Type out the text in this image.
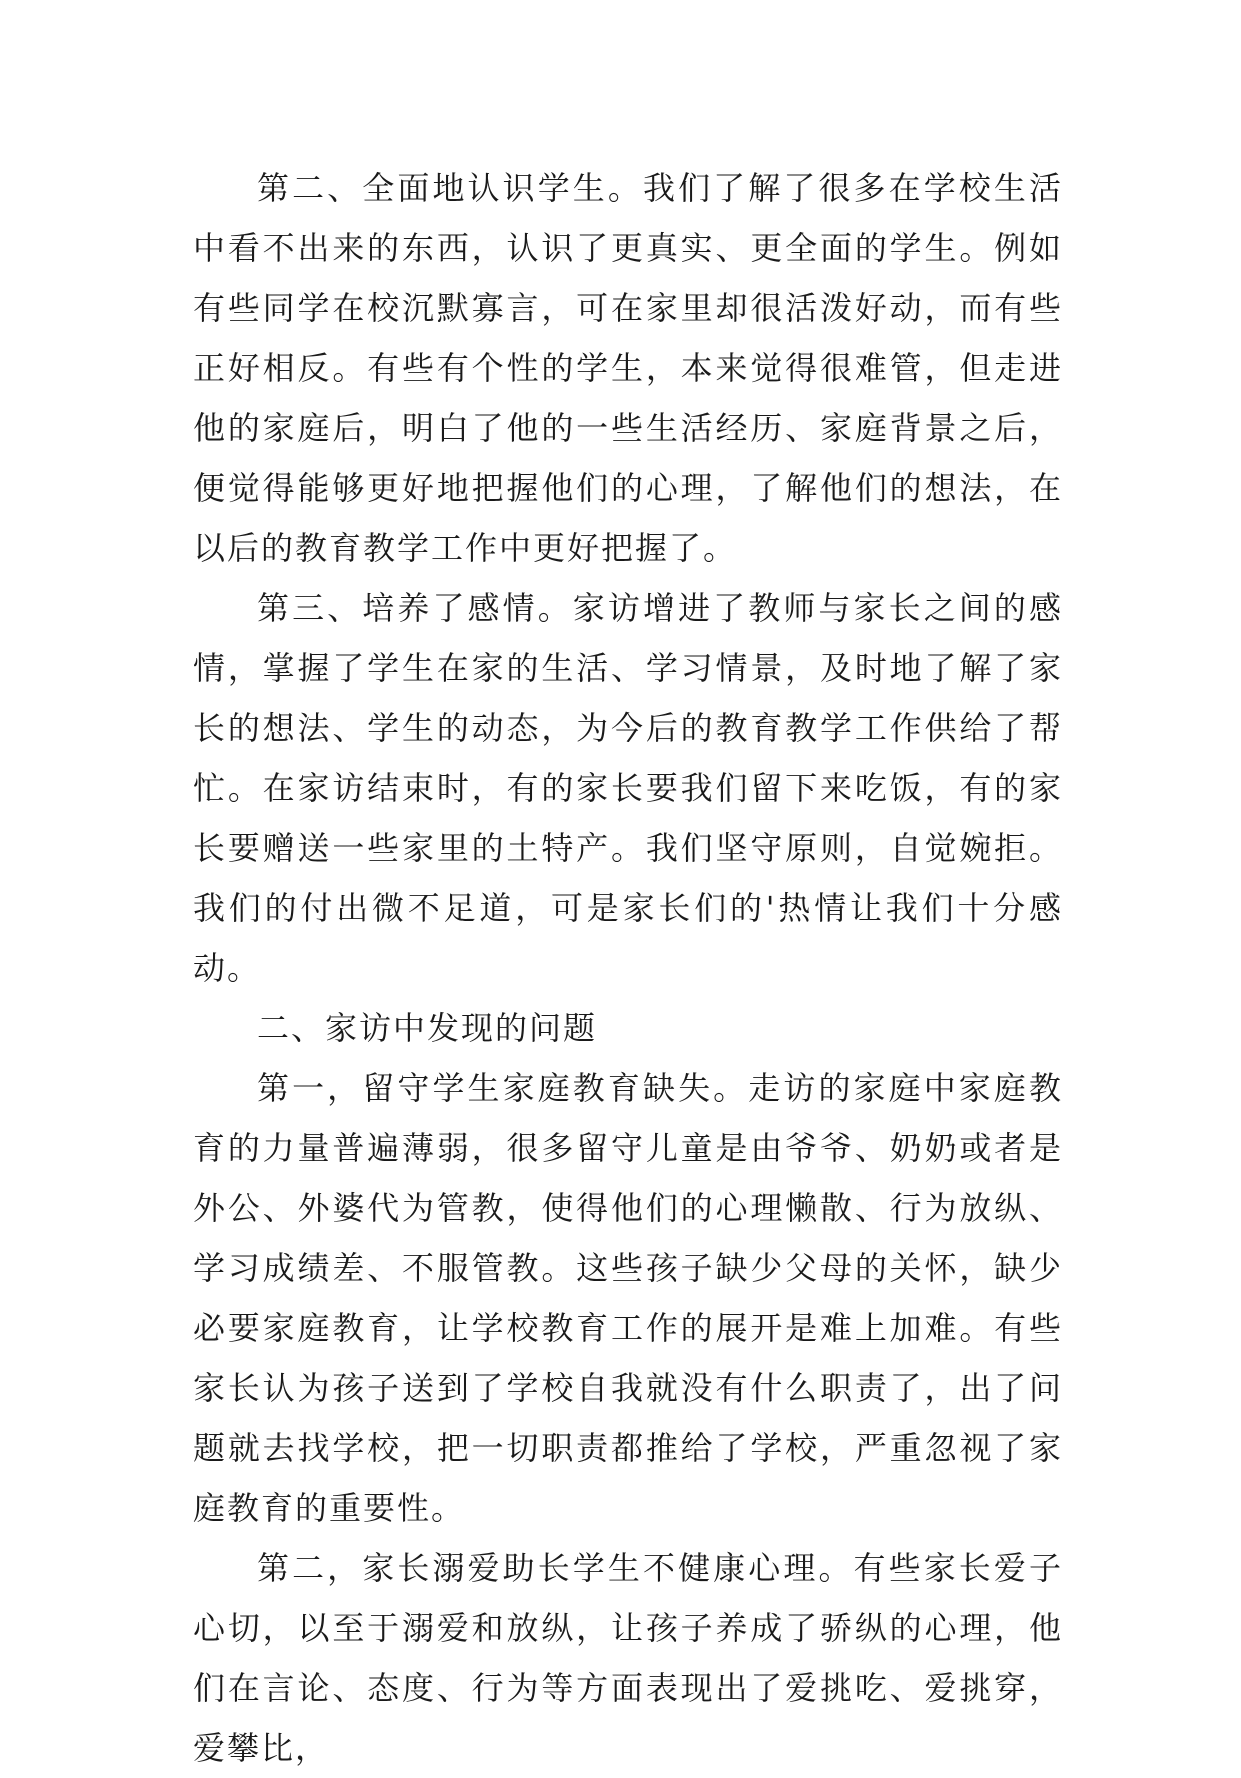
第二、全面地认识学生。我们了解了很多在学校生活中看不出来的东西，认识了更真实、更全面的学生。例如有些同学在校沉默寡言，可在家里却很活泼好动，而有些正好相反。有些有个性的学生，本来觉得很难管，但走进他的家庭后，明白了他的一些生活经历、家庭背景之后，便觉得能够更好地把握他们的心理，了解他们的想法，在以后的教育教学工作中更好把握了。

第三、培养了感情。家访增进了教师与家长之间的感情，掌握了学生在家的生活、学习情景，及时地了解了家长的想法、学生的动态，为今后的教育教学工作供给了帮忙。在家访结束时，有的家长要我们留下来吃饭，有的家长要赠送一些家里的土特产。我们坚守原则，自觉婉拒。我们的付出微不足道，可是家长们的'热情让我们十分感动。

二、家访中发现的问题

第一，留守学生家庭教育缺失。走访的家庭中家庭教育的力量普遍薄弱，很多留守儿童是由爷爷、奶奶或者是外公、外婆代为管教，使得他们的心理懒散、行为放纵、学习成绩差、不服管教。这些孩子缺少父母的关怀，缺少必要家庭教育，让学校教育工作的展开是难上加难。有些家长认为孩子送到了学校自我就没有什么职责了，出了问题就去找学校，把一切职责都推给了学校，严重忽视了家庭教育的重要性。

第二，家长溺爱助长学生不健康心理。有些家长爱子心切，以至于溺爱和放纵，让孩子养成了骄纵的心理，他们在言论、态度、行为等方面表现出了爱挑吃、爱挑穿，爱攀比，
